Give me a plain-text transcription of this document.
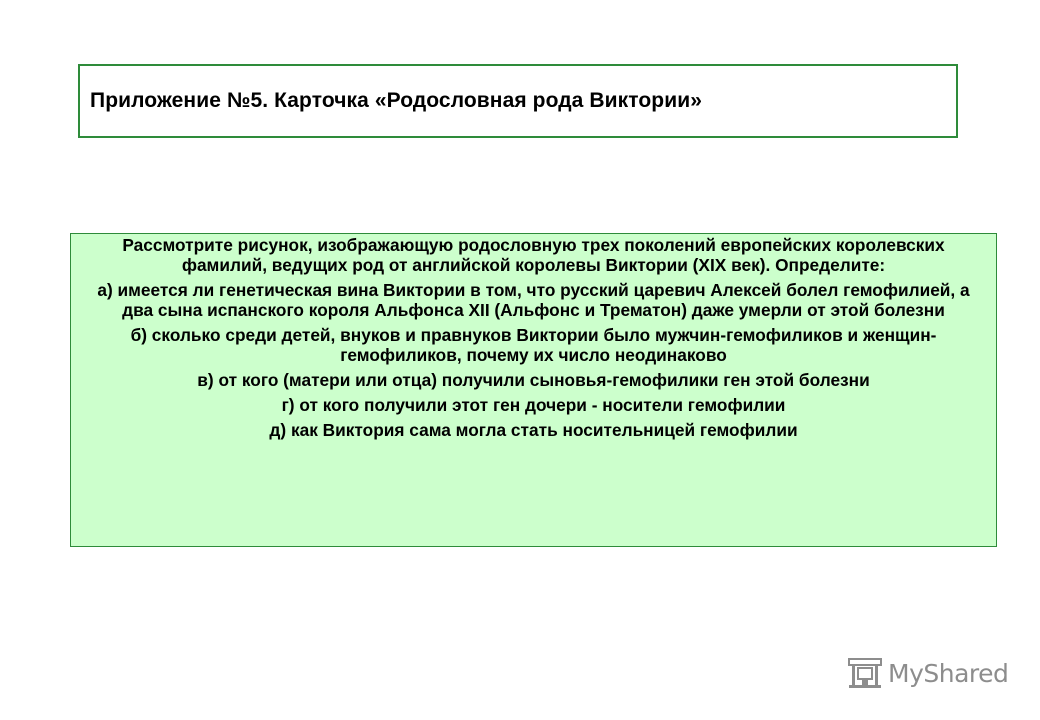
Приложение №5. Карточка «Родословная рода Виктории»

Рассмотрите рисунок, изображающую родословную трех поколений европейских королевских фамилий, ведущих род от английской королевы Виктории (XIX век). Определите:

а) имеется ли генетическая вина Виктории в том, что русский царевич Алексей болел гемофилией, а два сына испанского короля Альфонса XII (Альфонс и Трематон) даже умерли от этой болезни

б) сколько среди детей, внуков и правнуков Виктории было мужчин-гемофиликов и женщин-гемофиликов, почему их число неодинаково

в) от кого (матери или отца) получили сыновья-гемофилики ген этой болезни

г) от кого получили этот ген дочери - носители гемофилии

д) как Виктория сама могла стать носительницей гемофилии

MyShared
